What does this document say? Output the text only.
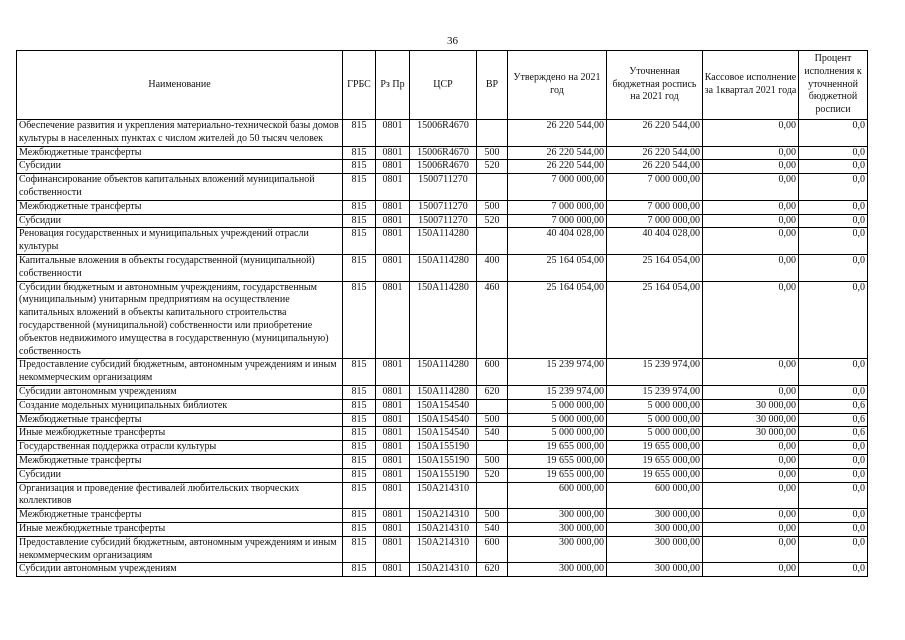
36
Наименование	ГРБС	Рз Пр	ЦСР	ВР	Утверждено на 2021 год	Уточненная бюджетная роспись на 2021 год	Кассовое исполнение за 1квартал 2021 года	Процент исполнения к уточненной бюджетной росписи
Обеспечение развития и укрепления материально-технической базы домов культуры в населенных пунктах с числом жителей до 50 тысяч человек	815	0801	15006R4670		26 220 544,00	26 220 544,00	0,00	0,0
Межбюджетные трансферты	815	0801	15006R4670	500	26 220 544,00	26 220 544,00	0,00	0,0
Субсидии	815	0801	15006R4670	520	26 220 544,00	26 220 544,00	0,00	0,0
Софинансирование объектов капитальных вложений муниципальной собственности	815	0801	1500711270		7 000 000,00	7 000 000,00	0,00	0,0
Межбюджетные трансферты	815	0801	1500711270	500	7 000 000,00	7 000 000,00	0,00	0,0
Субсидии	815	0801	1500711270	520	7 000 000,00	7 000 000,00	0,00	0,0
Реновация государственных и муниципальных учреждений отрасли культуры	815	0801	150A114280		40 404 028,00	40 404 028,00	0,00	0,0
Капитальные вложения в объекты государственной (муниципальной) собственности	815	0801	150A114280	400	25 164 054,00	25 164 054,00	0,00	0,0
Субсидии бюджетным и автономным учреждениям, государственным (муниципальным) унитарным предприятиям на осуществление капитальных вложений в объекты капитального строительства государственной (муниципальной) собственности или приобретение объектов недвижимого имущества в государственную (муниципальную) собственность	815	0801	150A114280	460	25 164 054,00	25 164 054,00	0,00	0,0
Предоставление субсидий бюджетным, автономным учреждениям и иным некоммерческим организациям	815	0801	150A114280	600	15 239 974,00	15 239 974,00	0,00	0,0
Субсидии автономным учреждениям	815	0801	150A114280	620	15 239 974,00	15 239 974,00	0,00	0,0
Создание модельных муниципальных библиотек	815	0801	150A154540		5 000 000,00	5 000 000,00	30 000,00	0,6
Межбюджетные трансферты	815	0801	150A154540	500	5 000 000,00	5 000 000,00	30 000,00	0,6
Иные межбюджетные трансферты	815	0801	150A154540	540	5 000 000,00	5 000 000,00	30 000,00	0,6
Государственная поддержка отрасли культуры	815	0801	150A155190		19 655 000,00	19 655 000,00	0,00	0,0
Межбюджетные трансферты	815	0801	150A155190	500	19 655 000,00	19 655 000,00	0,00	0,0
Субсидии	815	0801	150A155190	520	19 655 000,00	19 655 000,00	0,00	0,0
Организация и проведение фестивалей любительских творческих коллективов	815	0801	150A214310		600 000,00	600 000,00	0,00	0,0
Межбюджетные трансферты	815	0801	150A214310	500	300 000,00	300 000,00	0,00	0,0
Иные межбюджетные трансферты	815	0801	150A214310	540	300 000,00	300 000,00	0,00	0,0
Предоставление субсидий бюджетным, автономным учреждениям и иным некоммерческим организациям	815	0801	150A214310	600	300 000,00	300 000,00	0,00	0,0
Субсидии автономным учреждениям	815	0801	150A214310	620	300 000,00	300 000,00	0,00	0,0
